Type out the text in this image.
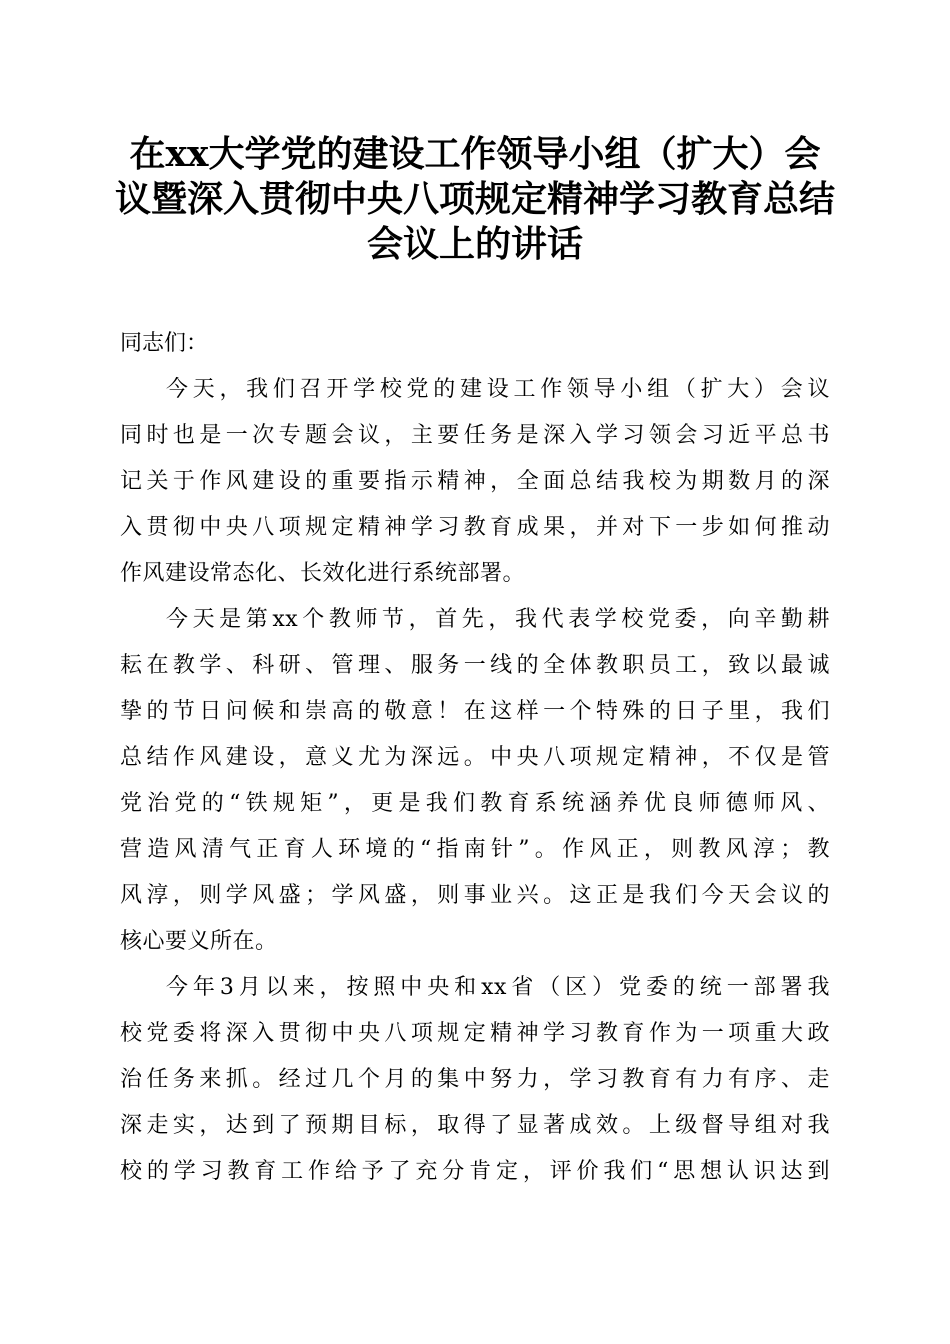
在xx大学党的建设工作领导小组（扩大）会
议暨深入贯彻中央八项规定精神学习教育总结
会议上的讲话
同志们：
今天，我们召开学校党的建设工作领导小组（扩大）会议
同时也是一次专题会议，主要任务是深入学习领会习近平总书
记关于作风建设的重要指示精神，全面总结我校为期数月的深
入贯彻中央八项规定精神学习教育成果，并对下一步如何推动
作风建设常态化、长效化进行系统部署。
今天是第xx个教师节，首先，我代表学校党委，向辛勤耕
耘在教学、科研、管理、服务一线的全体教职员工，致以最诚
挚的节日问候和崇高的敬意！在这样一个特殊的日子里，我们
总结作风建设，意义尤为深远。中央八项规定精神，不仅是管
党治党的“铁规矩”，更是我们教育系统涵养优良师德师风、
营造风清气正育人环境的“指南针”。作风正，则教风淳；教
风淳，则学风盛；学风盛，则事业兴。这正是我们今天会议的
核心要义所在。
今年3月以来，按照中央和xx省（区）党委的统一部署我
校党委将深入贯彻中央八项规定精神学习教育作为一项重大政
治任务来抓。经过几个月的集中努力，学习教育有力有序、走
深走实，达到了预期目标，取得了显著成效。上级督导组对我
校的学习教育工作给予了充分肯定，评价我们“思想认识达到
